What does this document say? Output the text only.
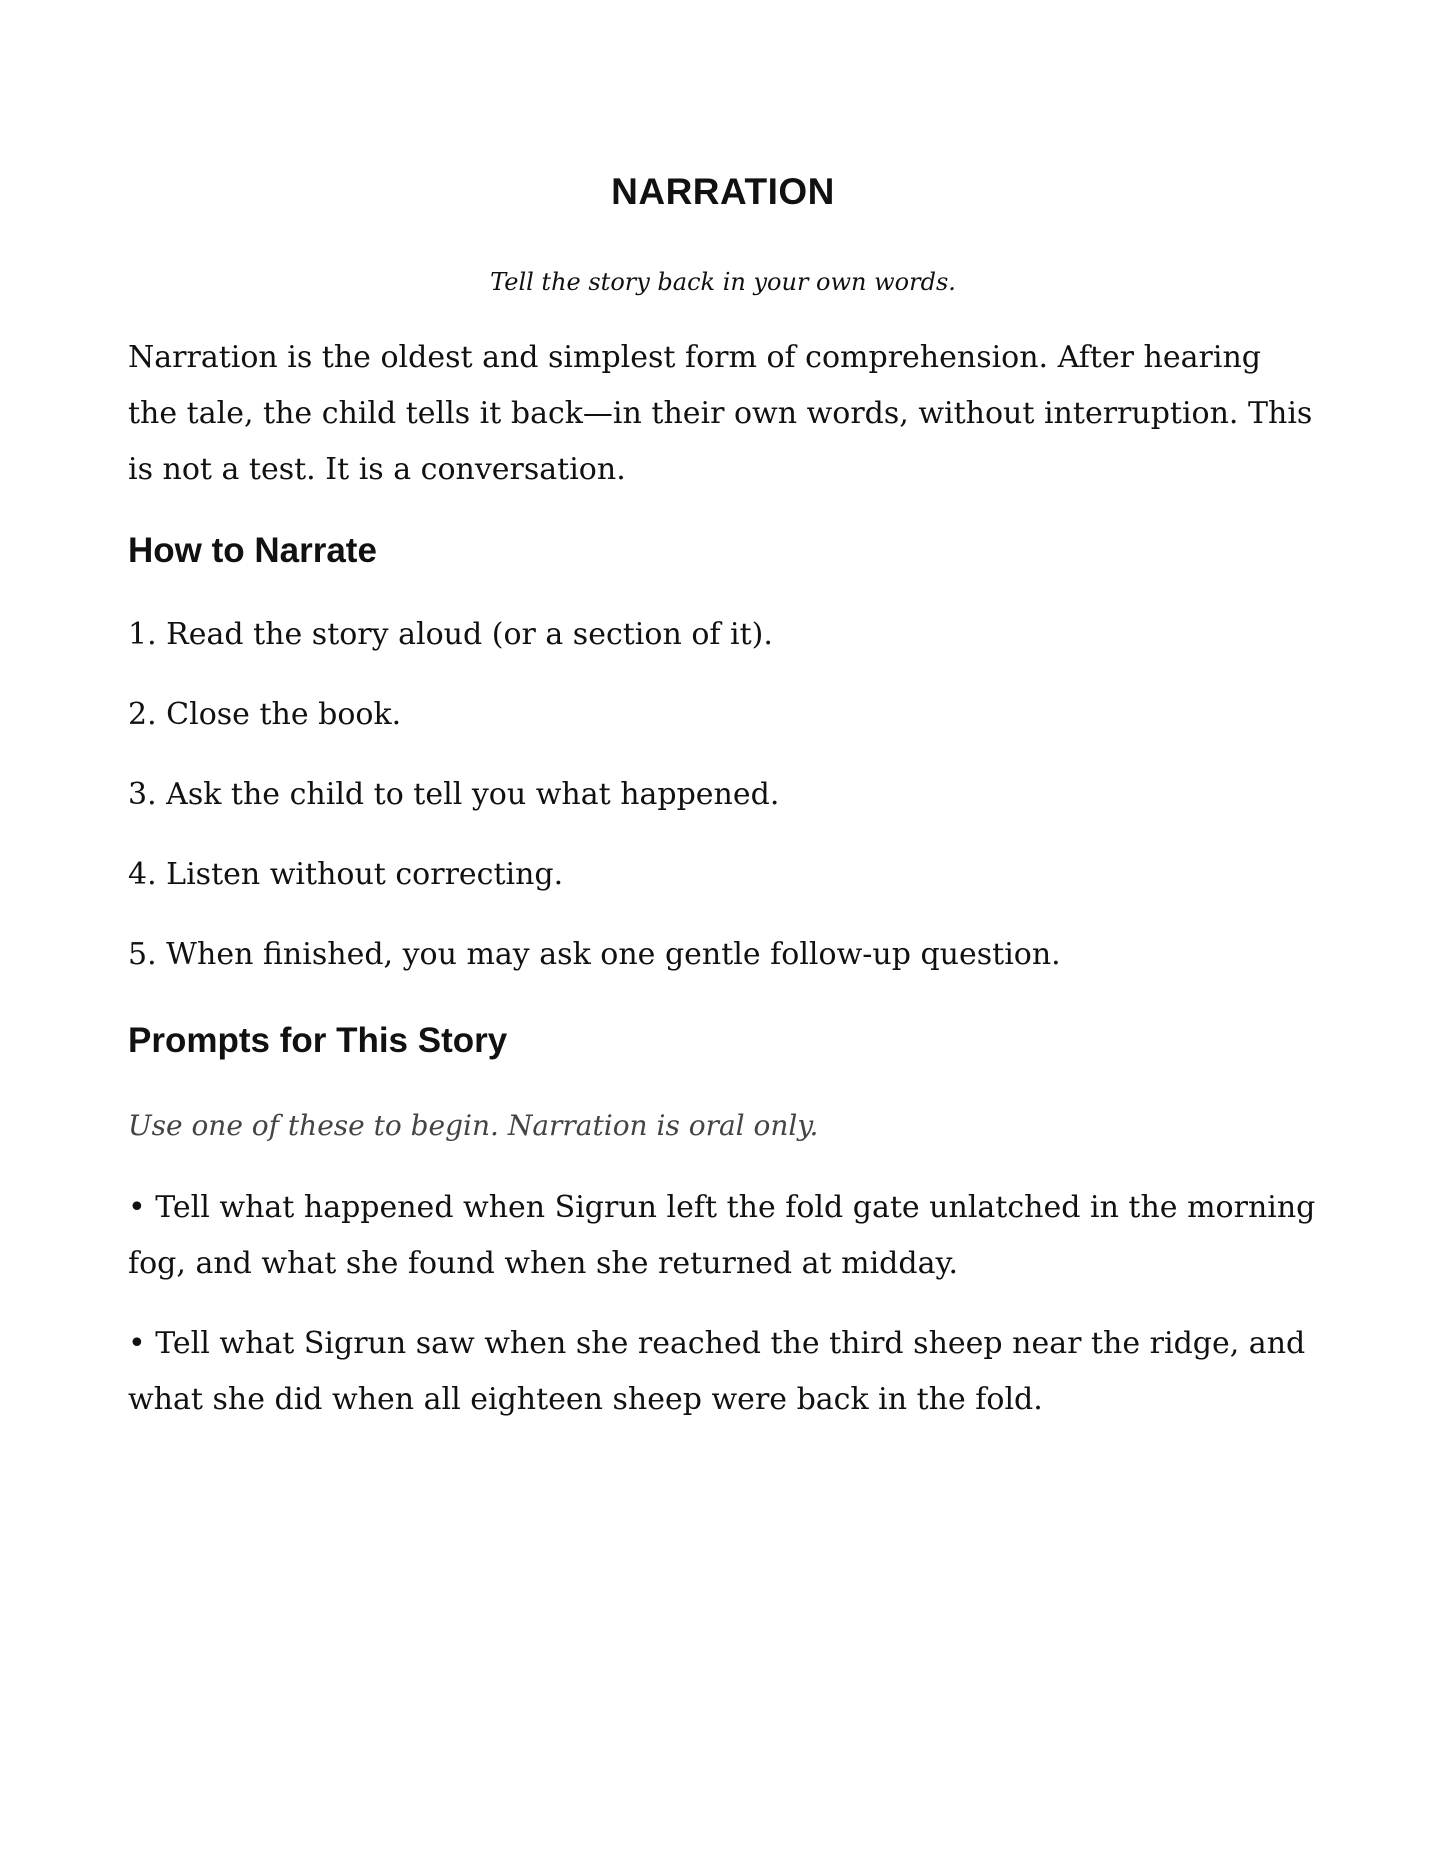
NARRATION
Tell the story back in your own words.

Narration is the oldest and simplest form of comprehension. After hearing the tale, the child tells it back—in their own words, without interruption. This is not a test. It is a conversation.

How to Narrate
1. Read the story aloud (or a section of it).
2. Close the book.
3. Ask the child to tell you what happened.
4. Listen without correcting.
5. When finished, you may ask one gentle follow-up question.
Prompts for This Story
Use one of these to begin. Narration is oral only.
• Tell what happened when Sigrun left the fold gate unlatched in the morning fog, and what she found when she returned at midday.
• Tell what Sigrun saw when she reached the third sheep near the ridge, and what she did when all eighteen sheep were back in the fold.
